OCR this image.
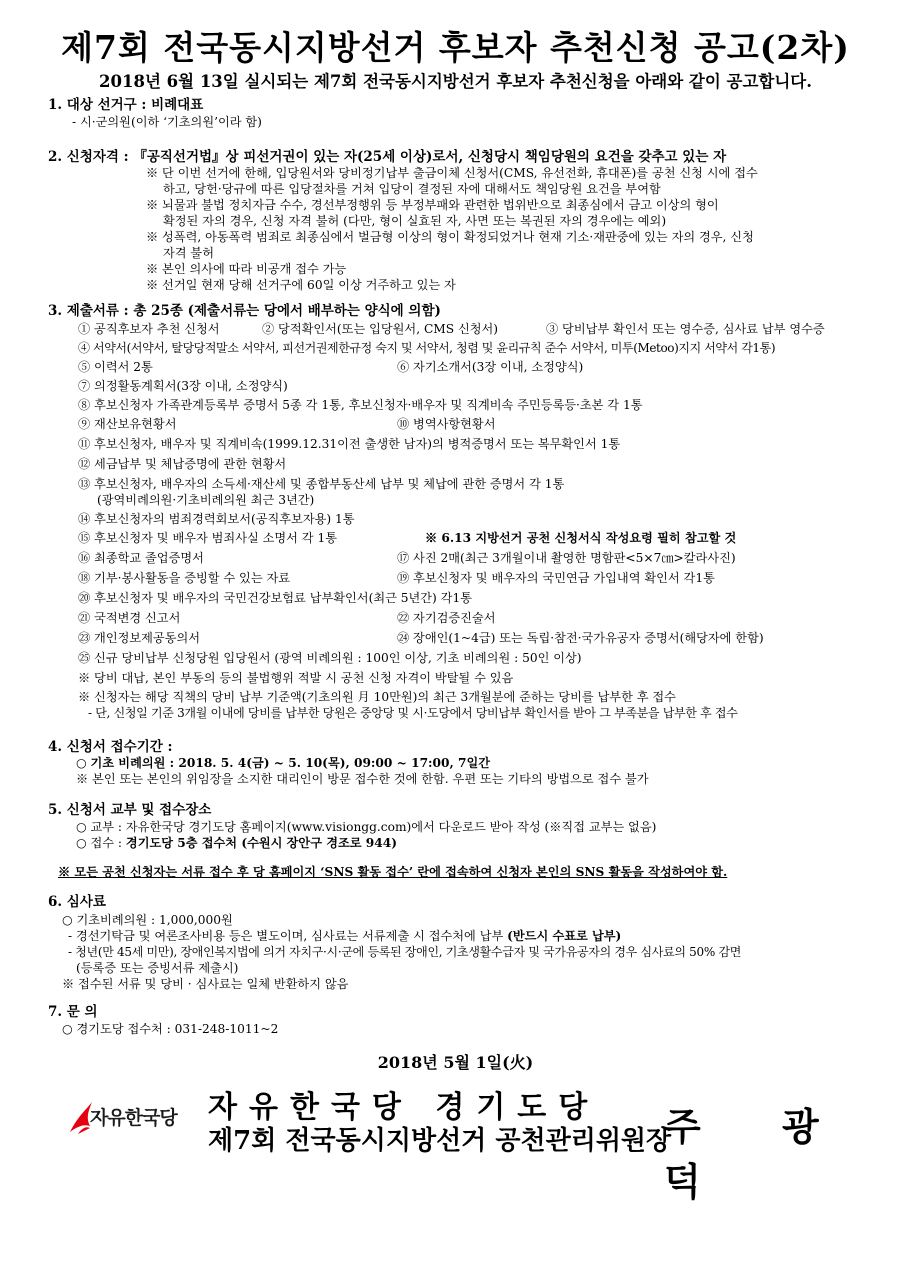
제7회 전국동시지방선거 후보자 추천신청 공고(2차)
2018년 6월 13일 실시되는 제7회 전국동시지방선거 후보자 추천신청을 아래와 같이 공고합니다.
1. 대상 선거구 : 비례대표
- 시·군의원(이하 ‘기초의원’이라 함)
2. 신청자격 : 『공직선거법』상 피선거권이 있는 자(25세 이상)로서, 신청당시 책임당원의 요건을 갖추고 있는 자
※ 단 이번 선거에 한해, 입당원서와 당비정기납부 출금이체 신청서(CMS, 유선전화, 휴대폰)를 공천 신청 시에 접수
하고, 당헌·당규에 따른 입당절차를 거쳐 입당이 결정된 자에 대해서도 책임당원 요건을 부여함
※ 뇌물과 불법 정치자금 수수, 경선부정행위 등 부정부패와 관련한 법위반으로 최종심에서 금고 이상의 형이
확정된 자의 경우, 신청 자격 불허 (다만, 형이 실효된 자, 사면 또는 복권된 자의 경우에는 예외)
※ 성폭력, 아동폭력 범죄로 최종심에서 벌금형 이상의 형이 확정되었거나 현재 기소·재판중에 있는 자의 경우, 신청
자격 불허
※ 본인 의사에 따라 비공개 접수 가능
※ 선거일 현재 당해 선거구에 60일 이상 거주하고 있는 자
3. 제출서류 : 총 25종 (제출서류는 당에서 배부하는 양식에 의함)
① 공직후보자 추천 신청서	② 당적확인서(또는 입당원서, CMS 신청서)	③ 당비납부 확인서 또는 영수증, 심사료 납부 영수증
④ 서약서(서약서, 탈당당적말소 서약서, 피선거권제한규정 숙지 및 서약서, 청렴 및 윤리규칙 준수 서약서, 미투(Metoo)지지 서약서 각1통)
⑤ 이력서 2통	⑥ 자기소개서(3장 이내, 소정양식)
⑦ 의정활동계획서(3장 이내, 소정양식)
⑧ 후보신청자 가족관계등록부 증명서 5종 각 1통, 후보신청자·배우자 및 직계비속 주민등록등·초본 각 1통
⑨ 재산보유현황서	⑩ 병역사항현황서
⑪ 후보신청자, 배우자 및 직계비속(1999.12.31이전 출생한 남자)의 병적증명서 또는 복무확인서 1통
⑫ 세금납부 및 체납증명에 관한 현황서
⑬ 후보신청자, 배우자의 소득세·재산세 및 종합부동산세 납부 및 체납에 관한 증명서 각 1통
(광역비례의원·기초비례의원 최근 3년간)
⑭ 후보신청자의 범죄경력회보서(공직후보자용) 1통
⑮ 후보신청자 및 배우자 범죄사실 소명서 각 1통	※ 6.13 지방선거 공천 신청서식 작성요령 필히 참고할 것
⑯ 최종학교 졸업증명서	⑰ 사진 2매(최근 3개월이내 촬영한 명함판<5×7㎝>칼라사진)
⑱ 기부·봉사활동을 증빙할 수 있는 자료	⑲ 후보신청자 및 배우자의 국민연금 가입내역 확인서 각1통
⑳ 후보신청자 및 배우자의 국민건강보험료 납부확인서(최근 5년간) 각1통
㉑ 국적변경 신고서	㉒ 자기검증진술서
㉓ 개인정보제공동의서	㉔ 장애인(1~4급) 또는 독립·참전·국가유공자 증명서(해당자에 한함)
㉕ 신규 당비납부 신청당원 입당원서 (광역 비례의원 : 100인 이상, 기초 비례의원 : 50인 이상)
※ 당비 대납, 본인 부동의 등의 불법행위 적발 시 공천 신청 자격이 박탈될 수 있음
※ 신청자는 해당 직책의 당비 납부 기준액(기초의원 月 10만원)의 최근 3개월분에 준하는 당비를 납부한 후 접수
- 단, 신청일 기준 3개월 이내에 당비를 납부한 당원은 중앙당 및 시·도당에서 당비납부 확인서를 받아 그 부족분을 납부한 후 접수
4. 신청서 접수기간 :
○ 기초 비례의원 : 2018. 5. 4(금) ~ 5. 10(목), 09:00 ~ 17:00, 7일간
※ 본인 또는 본인의 위임장을 소지한 대리인이 방문 접수한 것에 한함. 우편 또는 기타의 방법으로 접수 불가
5. 신청서 교부 및 접수장소
○ 교부 : 자유한국당 경기도당 홈페이지(www.visiongg.com)에서 다운로드 받아 작성 (※직접 교부는 없음)
○ 접수 : 경기도당 5층 접수처 (수원시 장안구 경조로 944)
※ 모든 공천 신청자는 서류 접수 후 당 홈페이지 ‘SNS 활동 접수’ 란에 접속하여 신청자 본인의 SNS 활동을 작성하여야 함.
6. 심사료
○ 기초비례의원 : 1,000,000원
- 경선기탁금 및 여론조사비용 등은 별도이며, 심사료는 서류제출 시 접수처에 납부 (반드시 수표로 납부)
- 청년(만 45세 미만), 장애인복지법에 의거 자치구·시·군에 등록된 장애인, 기초생활수급자 및 국가유공자의 경우 심사료의 50% 감면
(등록증 또는 증빙서류 제출시)
※ 접수된 서류 및 당비 · 심사료는 일체 반환하지 않음
7. 문 의
○ 경기도당 접수처 : 031-248-1011~2
2018년 5월 1일(火)
자유한국당 자유한국당 경기도당
제7회 전국동시지방선거 공천관리위원장
주 광 덕
